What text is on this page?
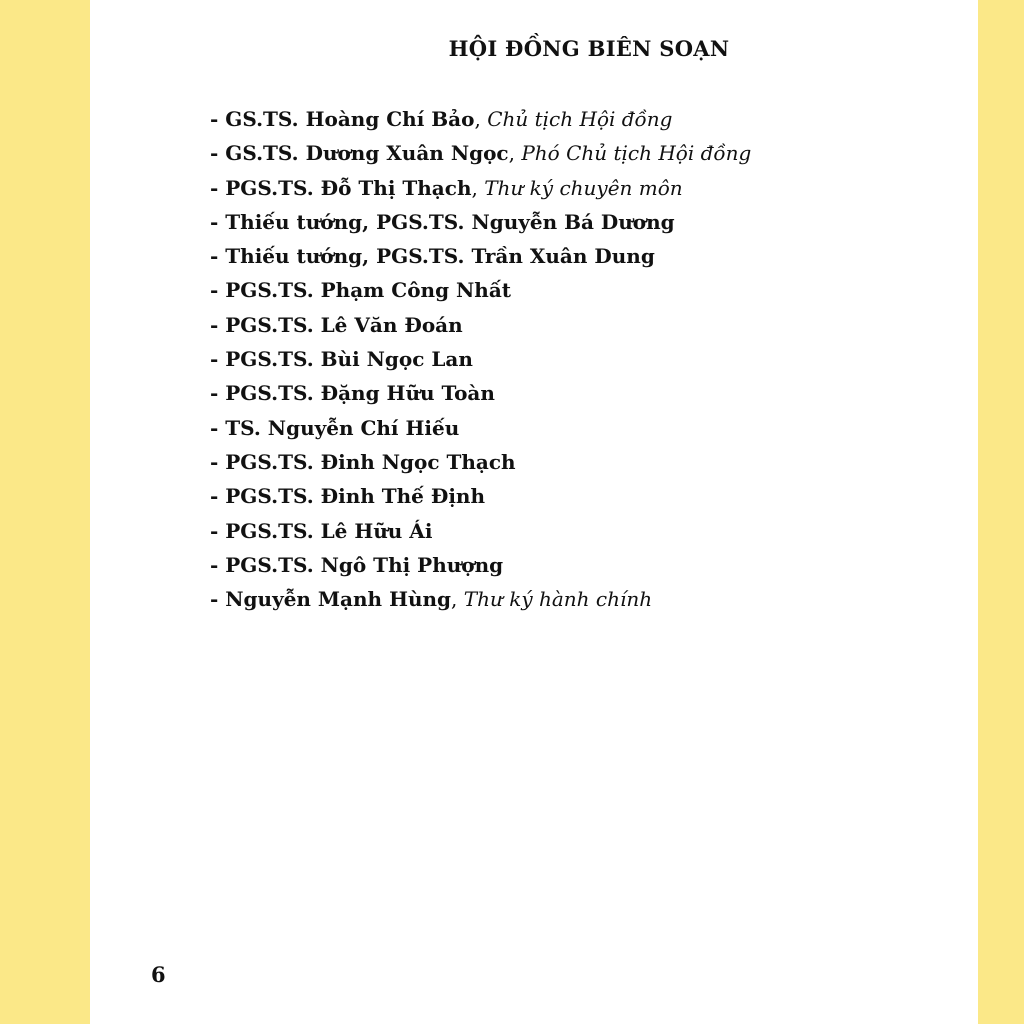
HỘI ĐỒNG BIÊN SOẠN
- GS.TS. Hoàng Chí Bảo, Chủ tịch Hội đồng
- GS.TS. Dương Xuân Ngọc, Phó Chủ tịch Hội đồng
- PGS.TS. Đỗ Thị Thạch, Thư ký chuyên môn
- Thiếu tướng, PGS.TS. Nguyễn Bá Dương
- Thiếu tướng, PGS.TS. Trần Xuân Dung
- PGS.TS. Phạm Công Nhất
- PGS.TS. Lê Văn Đoán
- PGS.TS. Bùi Ngọc Lan
- PGS.TS. Đặng Hữu Toàn
- TS. Nguyễn Chí Hiếu
- PGS.TS. Đinh Ngọc Thạch
- PGS.TS. Đinh Thế Định
- PGS.TS. Lê Hữu Ái
- PGS.TS. Ngô Thị Phượng
- Nguyễn Mạnh Hùng, Thư ký hành chính
6
